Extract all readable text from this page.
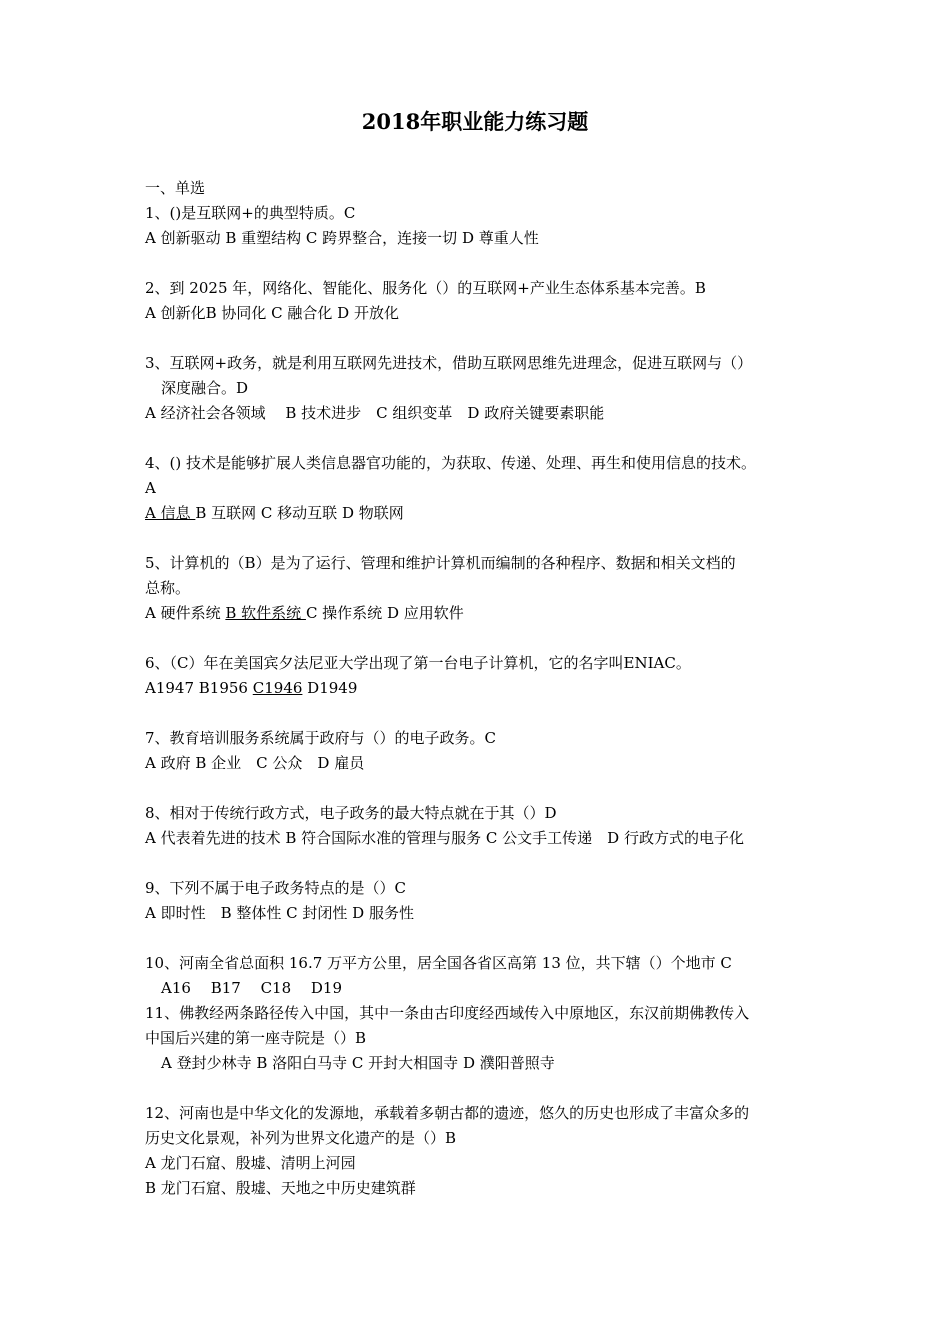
2018年职业能力练习题
一、单选
1、()是互联网+的典型特质。C
A 创新驱动 B 重塑结构 C 跨界整合，连接一切 D 尊重人性
2、到 2025 年，网络化、智能化、服务化（）的互联网+产业生态体系基本完善。B
A 创新化B 协同化 C 融合化 D 开放化
3、互联网+政务，就是利用互联网先进技术，借助互联网思维先进理念，促进互联网与（）
深度融合。D
A 经济社会各领域　 B 技术进步　C 组织变革　D 政府关键要素职能
4、() 技术是能够扩展人类信息器官功能的，为获取、传递、处理、再生和使用信息的技术。
A
A 信息 B 互联网 C 移动互联 D 物联网
5、计算机的（B）是为了运行、管理和维护计算机而编制的各种程序、数据和相关文档的
总称。
A 硬件系统 B 软件系统 C 操作系统 D 应用软件
6、（C）年在美国宾夕法尼亚大学出现了第一台电子计算机，它的名字叫ENIAC。
A1947 B1956 C1946 D1949
7、教育培训服务系统属于政府与（）的电子政务。C
A 政府 B 企业　C 公众　D 雇员
8、相对于传统行政方式，电子政务的最大特点就在于其（）D
A 代表着先进的技术 B 符合国际水准的管理与服务 C 公文手工传递　D 行政方式的电子化
9、下列不属于电子政务特点的是（）C
A 即时性　B 整体性 C 封闭性 D 服务性
10、河南全省总面积 16.7 万平方公里，居全国各省区高第 13 位，共下辖（）个地市 C
A16　 B17　 C18　 D19
11、佛教经两条路径传入中国，其中一条由古印度经西域传入中原地区，东汉前期佛教传入
中国后兴建的第一座寺院是（）B
A 登封少林寺 B 洛阳白马寺 C 开封大相国寺 D 濮阳普照寺
12、河南也是中华文化的发源地，承载着多朝古都的遗迹，悠久的历史也形成了丰富众多的
历史文化景观，补列为世界文化遗产的是（）B
A 龙门石窟、殷墟、清明上河园
B 龙门石窟、殷墟、天地之中历史建筑群
